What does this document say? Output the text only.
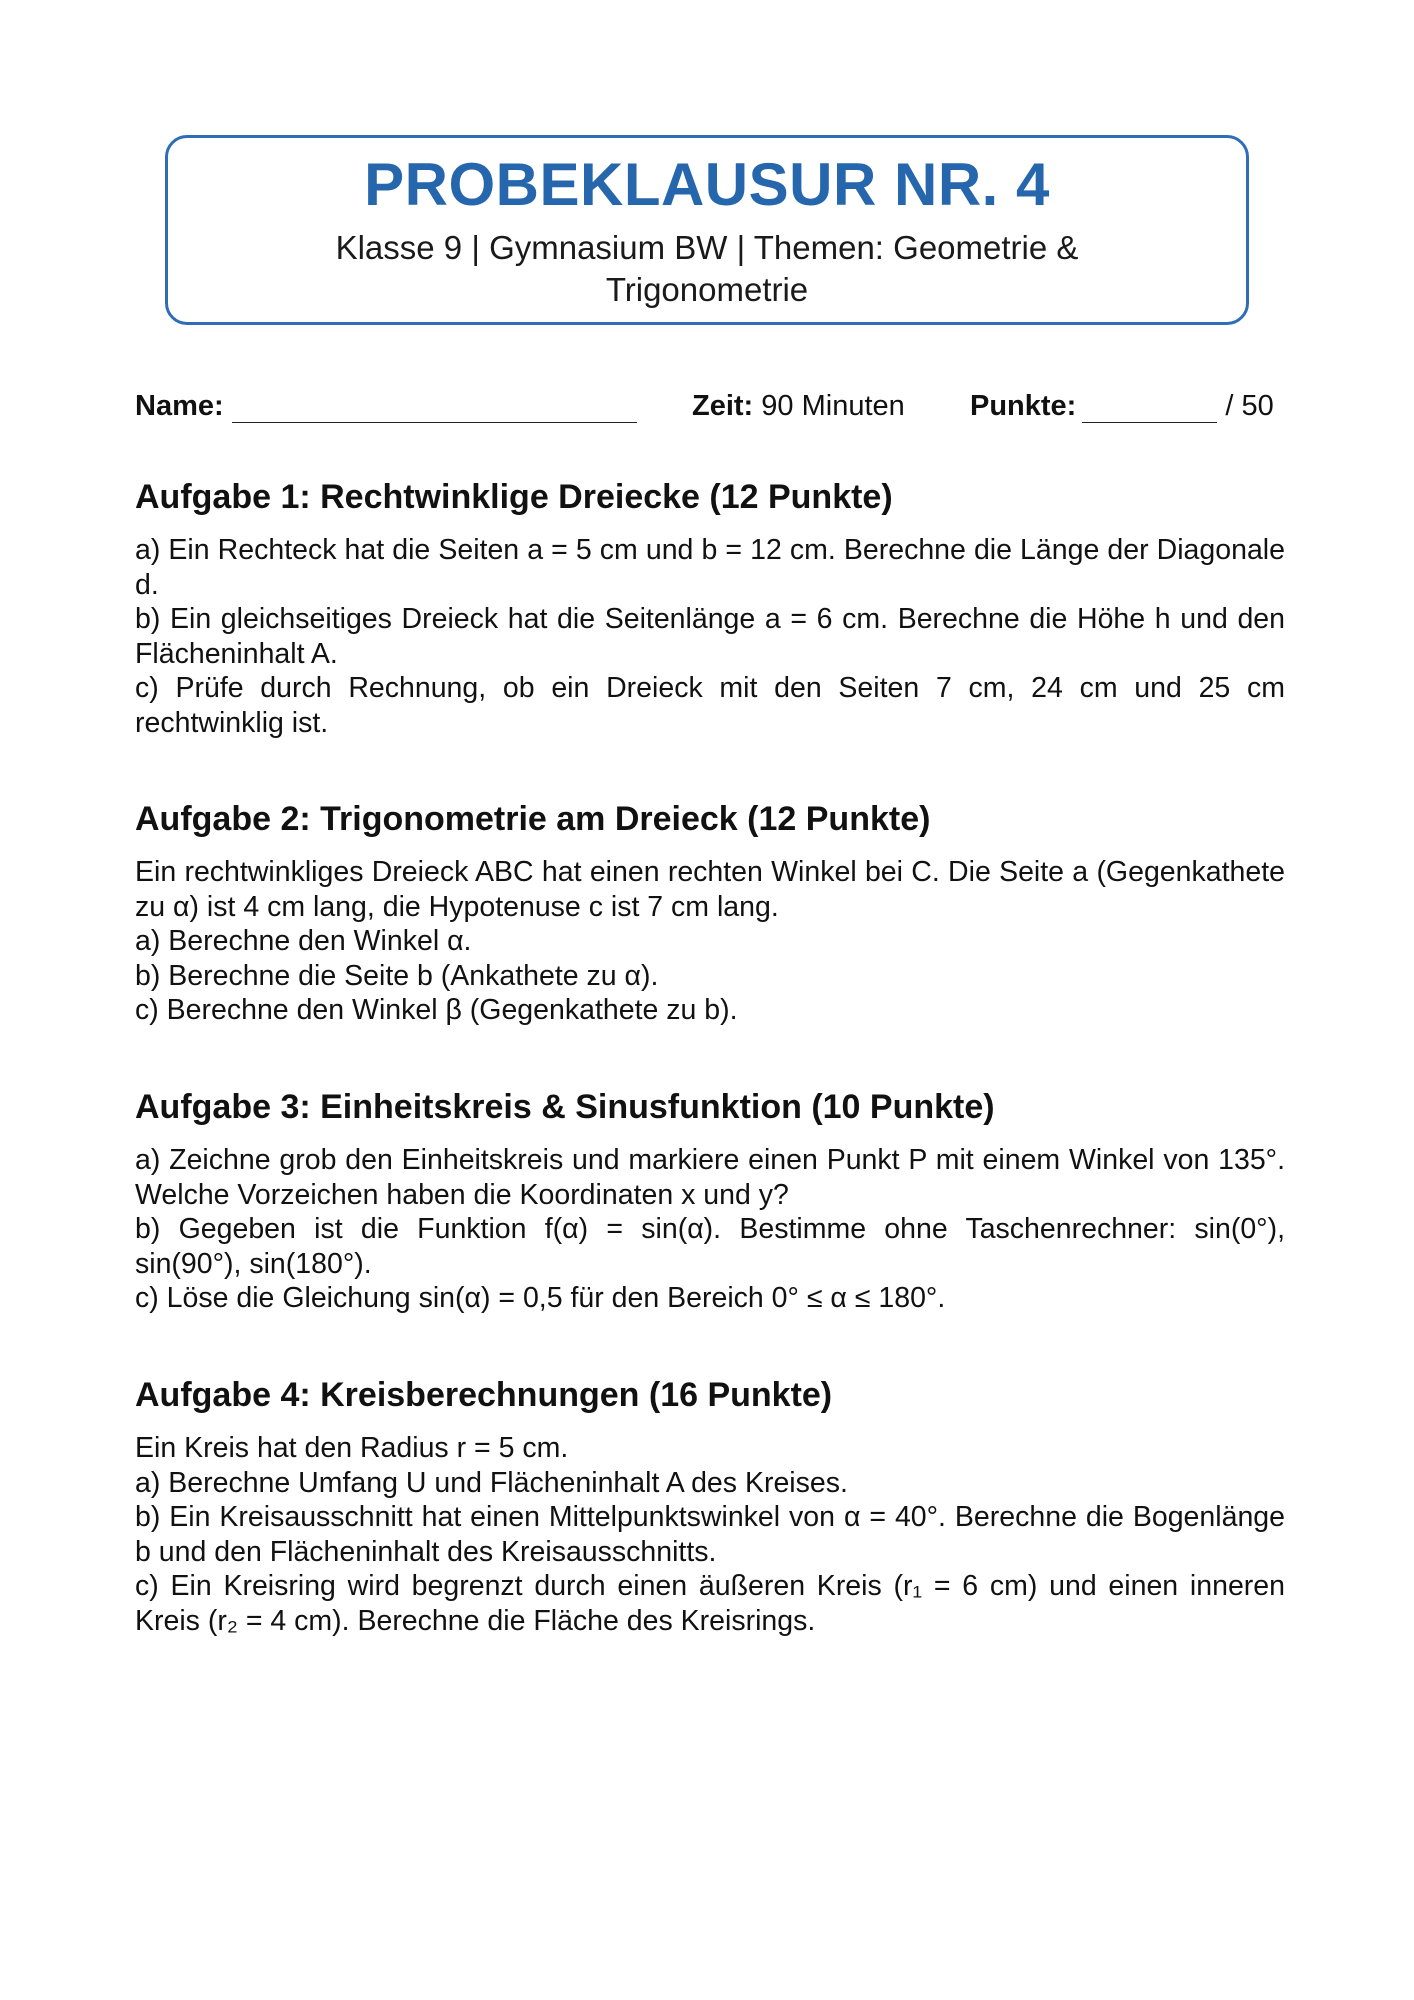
PROBEKLAUSUR NR. 4
Klasse 9 | Gymnasium BW | Themen: Geometrie & Trigonometrie
Name:	Zeit: 90 Minuten Punkte:	/ 50
Aufgabe 1: Rechtwinklige Dreiecke (12 Punkte)

a) Ein Rechteck hat die Seiten a = 5 cm und b = 12 cm. Berechne die Länge der Diagonale d.

b) Ein gleichseitiges Dreieck hat die Seitenlänge a = 6 cm. Berechne die Höhe h und den Flächeninhalt A.

c) Prüfe durch Rechnung, ob ein Dreieck mit den Seiten 7 cm, 24 cm und 25 cm rechtwinklig ist.

Aufgabe 2: Trigonometrie am Dreieck (12 Punkte)

Ein rechtwinkliges Dreieck ABC hat einen rechten Winkel bei C. Die Seite a (Gegenkathete zu α) ist 4 cm lang, die Hypotenuse c ist 7 cm lang.

a) Berechne den Winkel α.

b) Berechne die Seite b (Ankathete zu α).

c) Berechne den Winkel β (Gegenkathete zu b).

Aufgabe 3: Einheitskreis & Sinusfunktion (10 Punkte)

a) Zeichne grob den Einheitskreis und markiere einen Punkt P mit einem Winkel von 135°. Welche Vorzeichen haben die Koordinaten x und y?

b) Gegeben ist die Funktion f(α) = sin(α). Bestimme ohne Taschenrechner: sin(0°), sin(90°), sin(180°).

c) Löse die Gleichung sin(α) = 0,5 für den Bereich 0° ≤ α ≤ 180°.

Aufgabe 4: Kreisberechnungen (16 Punkte)

Ein Kreis hat den Radius r = 5 cm.

a) Berechne Umfang U und Flächeninhalt A des Kreises.

b) Ein Kreisausschnitt hat einen Mittelpunktswinkel von α = 40°. Berechne die Bogenlänge b und den Flächeninhalt des Kreisausschnitts.

c) Ein Kreisring wird begrenzt durch einen äußeren Kreis (r₁ = 6 cm) und einen inneren Kreis (r₂ = 4 cm). Berechne die Fläche des Kreisrings.
